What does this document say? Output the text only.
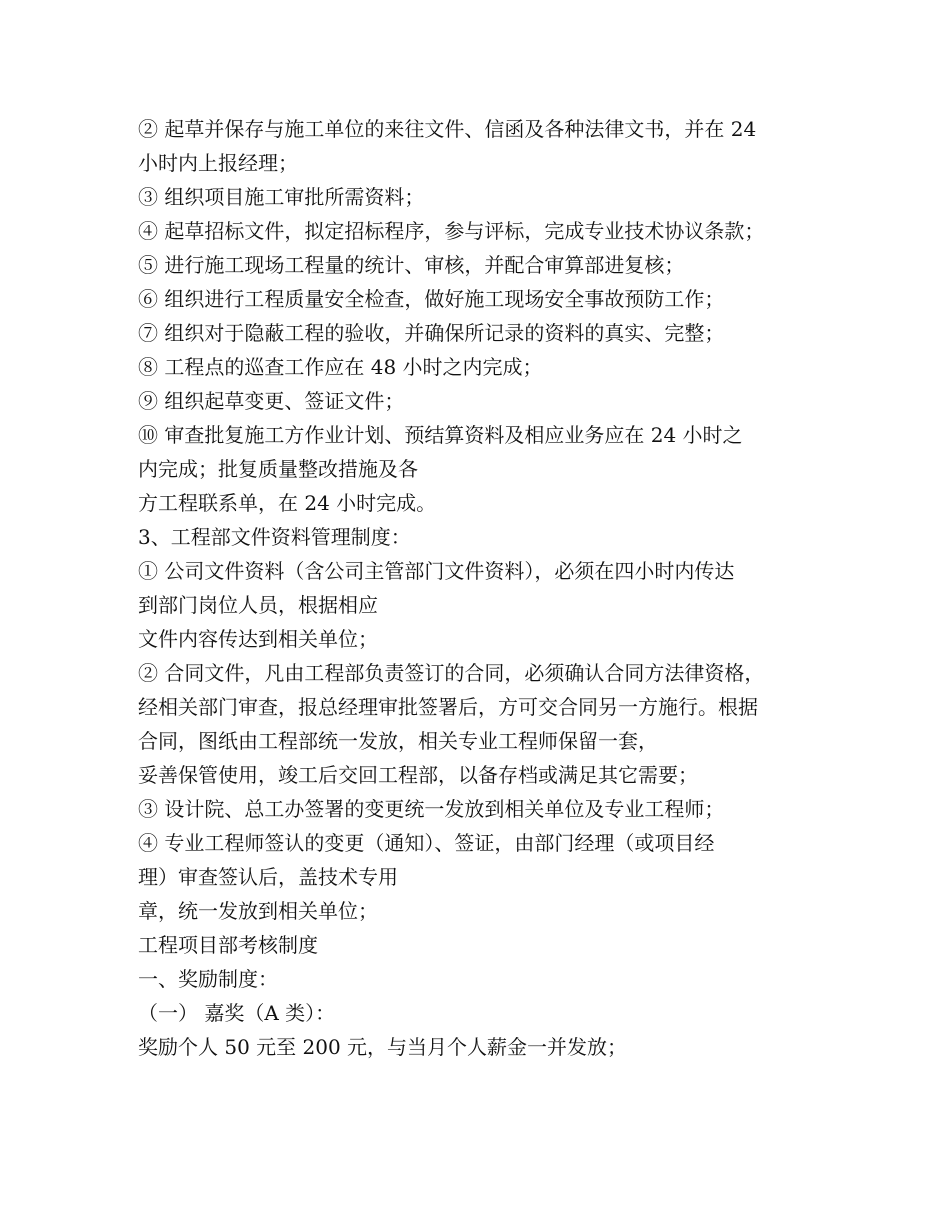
② 起草并保存与施工单位的来往文件、信函及各种法律文书，并在 24
小时内上报经理；
③ 组织项目施工审批所需资料；
④ 起草招标文件，拟定招标程序，参与评标，完成专业技术协议条款；
⑤ 进行施工现场工程量的统计、审核，并配合审算部进复核；
⑥ 组织进行工程质量安全检查，做好施工现场安全事故预防工作；
⑦ 组织对于隐蔽工程的验收，并确保所记录的资料的真实、完整；
⑧ 工程点的巡查工作应在 48 小时之内完成；
⑨ 组织起草变更、签证文件；
⑩ 审查批复施工方作业计划、预结算资料及相应业务应在 24 小时之
内完成；批复质量整改措施及各
方工程联系单，在 24 小时完成。
3、工程部文件资料管理制度：
① 公司文件资料（含公司主管部门文件资料），必须在四小时内传达
到部门岗位人员，根据相应
文件内容传达到相关单位；
② 合同文件，凡由工程部负责签订的合同，必须确认合同方法律资格，
经相关部门审查，报总经理审批签署后，方可交合同另一方施行。根据
合同，图纸由工程部统一发放，相关专业工程师保留一套，
妥善保管使用，竣工后交回工程部，以备存档或满足其它需要；
③ 设计院、总工办签署的变更统一发放到相关单位及专业工程师；
④ 专业工程师签认的变更（通知）、签证，由部门经理（或项目经
理）审查签认后，盖技术专用
章，统一发放到相关单位；
工程项目部考核制度
一、奖励制度：
（一） 嘉奖（A 类）：
奖励个人 50 元至 200 元，与当月个人薪金一并发放；
